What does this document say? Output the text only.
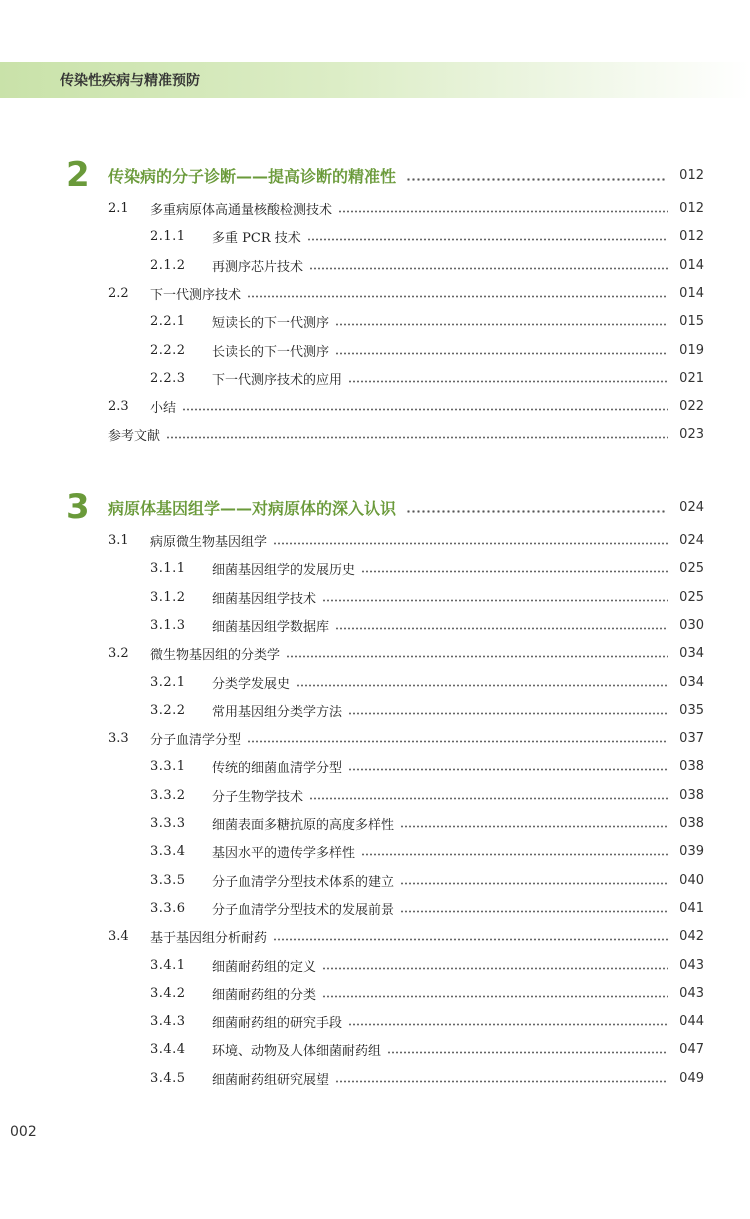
传染性疾病与精准预防
2	传染病的分子诊断——提高诊断的精准性	012
2.1	多重病原体高通量核酸检测技术	012
2.1.1	多重 PCR 技术	012
2.1.2	再测序芯片技术	014
2.2	下一代测序技术	014
2.2.1	短读长的下一代测序	015
2.2.2	长读长的下一代测序	019
2.2.3	下一代测序技术的应用	021
2.3	小结	022
参考文献	023
3	病原体基因组学——对病原体的深入认识	024
3.1	病原微生物基因组学	024
3.1.1	细菌基因组学的发展历史	025
3.1.2	细菌基因组学技术	025
3.1.3	细菌基因组学数据库	030
3.2	微生物基因组的分类学	034
3.2.1	分类学发展史	034
3.2.2	常用基因组分类学方法	035
3.3	分子血清学分型	037
3.3.1	传统的细菌血清学分型	038
3.3.2	分子生物学技术	038
3.3.3	细菌表面多糖抗原的高度多样性	038
3.3.4	基因水平的遗传学多样性	039
3.3.5	分子血清学分型技术体系的建立	040
3.3.6	分子血清学分型技术的发展前景	041
3.4	基于基因组分析耐药	042
3.4.1	细菌耐药组的定义	043
3.4.2	细菌耐药组的分类	043
3.4.3	细菌耐药组的研究手段	044
3.4.4	环境、动物及人体细菌耐药组	047
3.4.5	细菌耐药组研究展望	049
002
